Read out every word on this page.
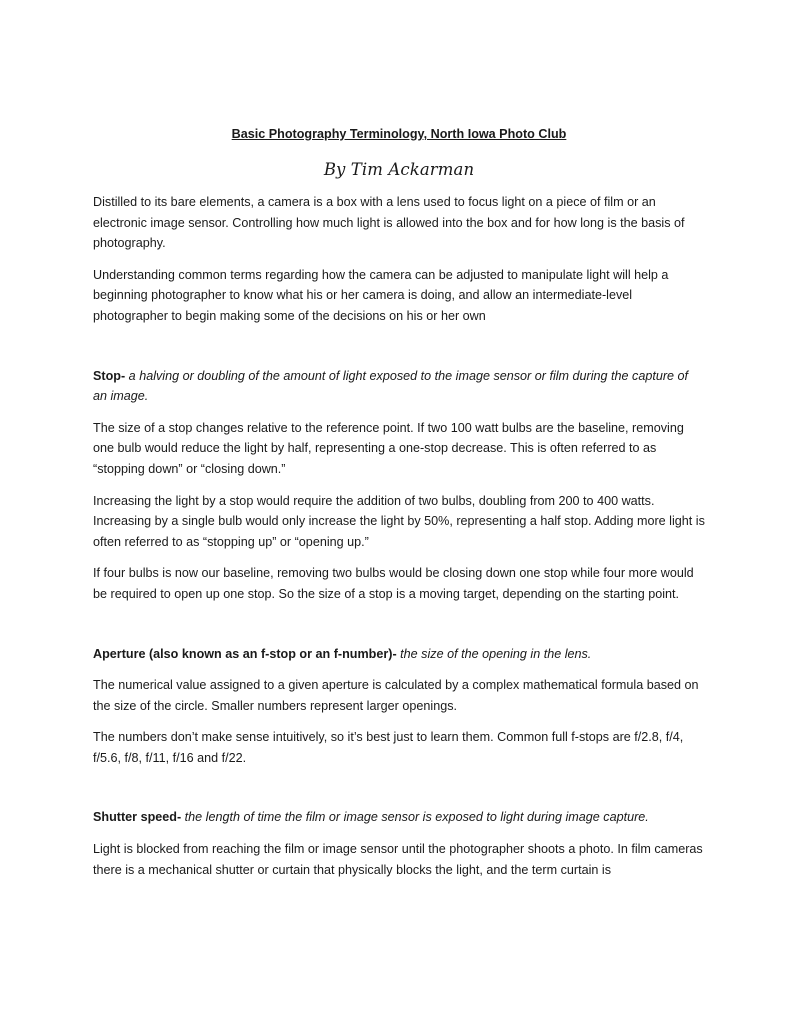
Basic Photography Terminology, North Iowa Photo Club
By Tim Ackarman

Distilled to its bare elements, a camera is a box with a lens used to focus light on a piece of film or an electronic image sensor. Controlling how much light is allowed into the box and for how long is the basis of photography.

Understanding common terms regarding how the camera can be adjusted to manipulate light will help a beginning photographer to know what his or her camera is doing, and allow an intermediate-level photographer to begin making some of the decisions on his or her own

Stop- a halving or doubling of the amount of light exposed to the image sensor or film during the capture of an image.

The size of a stop changes relative to the reference point. If two 100 watt bulbs are the baseline, removing one bulb would reduce the light by half, representing a one-stop decrease. This is often referred to as “stopping down” or “closing down.”

Increasing the light by a stop would require the addition of two bulbs, doubling from 200 to 400 watts. Increasing by a single bulb would only increase the light by 50%, representing a half stop. Adding more light is often referred to as “stopping up” or “opening up.”

If four bulbs is now our baseline, removing two bulbs would be closing down one stop while four more would be required to open up one stop. So the size of a stop is a moving target, depending on the starting point.

Aperture (also known as an f-stop or an f-number)- the size of the opening in the lens.

The numerical value assigned to a given aperture is calculated by a complex mathematical formula based on the size of the circle. Smaller numbers represent larger openings.

The numbers don’t make sense intuitively, so it’s best just to learn them. Common full f-stops are f/2.8, f/4, f/5.6, f/8, f/11, f/16 and f/22.

Shutter speed- the length of time the film or image sensor is exposed to light during image capture.

Light is blocked from reaching the film or image sensor until the photographer shoots a photo. In film cameras there is a mechanical shutter or curtain that physically blocks the light, and the term curtain is
